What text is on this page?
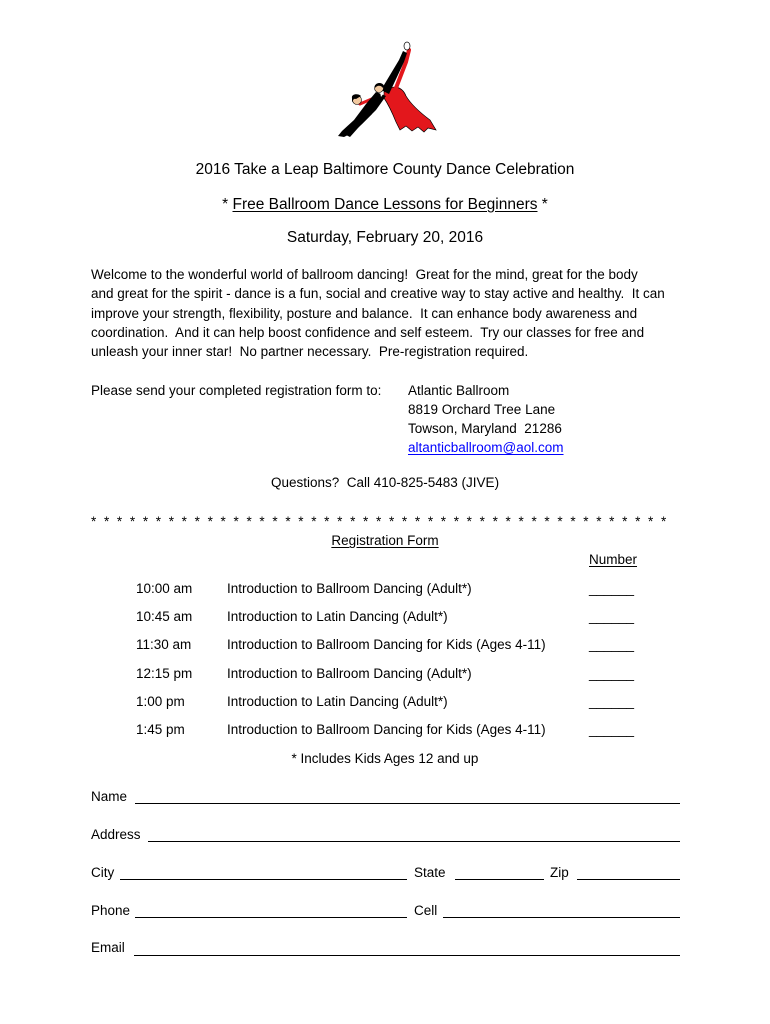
2016 Take a Leap Baltimore County Dance Celebration
* Free Ballroom Dance Lessons for Beginners *
Saturday, February 20, 2016
Welcome to the wonderful world of ballroom dancing!  Great for the mind, great for the body
and great for the spirit - dance is a fun, social and creative way to stay active and healthy.  It can
improve your strength, flexibility, posture and balance.  It can enhance body awareness and
coordination.  And it can help boost confidence and self esteem.  Try our classes for free and
unleash your inner star!  No partner necessary.  Pre-registration required.
Please send your completed registration form to: Atlantic Ballroom
8819 Orchard Tree Lane
Towson, Maryland  21286
altanticballroom@aol.com
Questions?  Call 410-825-5483 (JIVE)
* * * * * * * * * * * * * * * * * * * * * * * * * * * * * * * * * * * * * * * * * * * * *
Registration Form
Number
10:00 am	Introduction to Ballroom Dancing (Adult*)	______
10:45 am	Introduction to Latin Dancing (Adult*)	______
11:30 am	Introduction to Ballroom Dancing for Kids (Ages 4-11)	______
12:15 pm	Introduction to Ballroom Dancing (Adult*)	______
1:00 pm	Introduction to Latin Dancing (Adult*)	______
1:45 pm	Introduction to Ballroom Dancing for Kids (Ages 4-11)	______
* Includes Kids Ages 12 and up
Name
Address
City	State	Zip
Phone	Cell
Email
